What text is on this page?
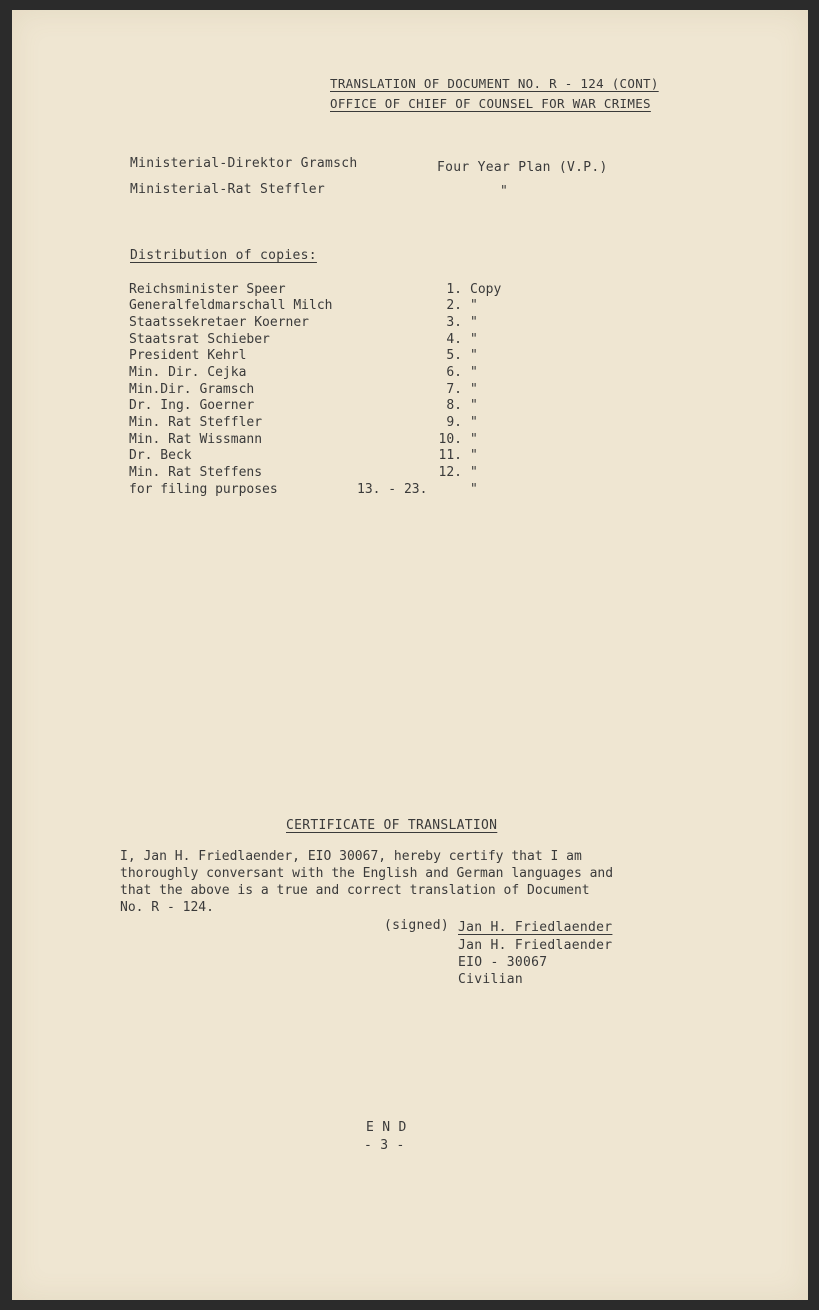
TRANSLATION OF DOCUMENT NO. R - 124 (CONT)
OFFICE OF CHIEF OF COUNSEL FOR WAR CRIMES
Ministerial-Direktor Gramsch	Four Year Plan (V.P.)
Ministerial-Rat Steffler	"
Distribution of copies:
Reichsminister Speer	1. Copy
Generalfeldmarschall Milch	2. "
Staatssekretaer Koerner	3. "
Staatsrat Schieber	4. "
President Kehrl	5. "
Min. Dir. Cejka	6. "
Min.Dir. Gramsch	7. "
Dr. Ing. Goerner	8. "
Min. Rat Steffler	9. "
Min. Rat Wissmann	10. "
Dr. Beck	11. "
Min. Rat Steffens	12. "
for filing purposes	13. - 23.	"
CERTIFICATE OF TRANSLATION
I, Jan H. Friedlaender, EIO 30067, hereby certify that I am
thoroughly conversant with the English and German languages and
that the above is a true and correct translation of Document
No. R - 124.
(signed) Jan H. Friedlaender
Jan H. Friedlaender
EIO - 30067
Civilian
E N D
- 3 -
